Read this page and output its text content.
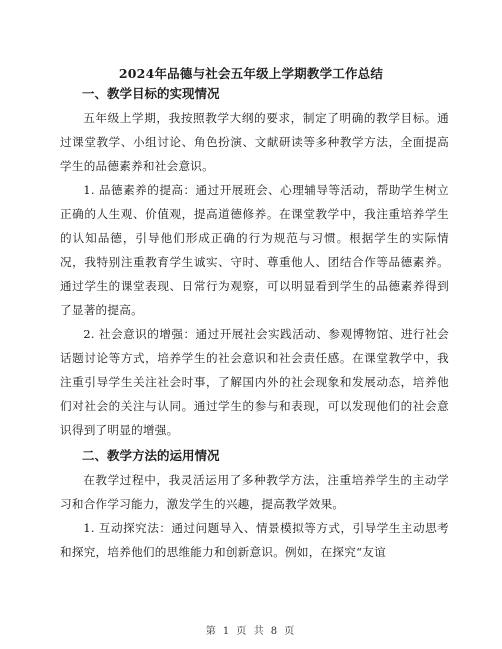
2024年品德与社会五年级上学期教学工作总结
一、教学目标的实现情况

五年级上学期，我按照教学大纲的要求，制定了明确的教学目标。通过课堂教学、小组讨论、角色扮演、文献研读等多种教学方法，全面提高学生的品德素养和社会意识。

1. 品德素养的提高：通过开展班会、心理辅导等活动，帮助学生树立正确的人生观、价值观，提高道德修养。在课堂教学中，我注重培养学生的认知品德，引导他们形成正确的行为规范与习惯。根据学生的实际情况，我特别注重教育学生诚实、守时、尊重他人、团结合作等品德素养。通过学生的课堂表现、日常行为观察，可以明显看到学生的品德素养得到了显著的提高。

2. 社会意识的增强：通过开展社会实践活动、参观博物馆、进行社会话题讨论等方式，培养学生的社会意识和社会责任感。在课堂教学中，我注重引导学生关注社会时事，了解国内外的社会现象和发展动态，培养他们对社会的关注与认同。通过学生的参与和表现，可以发现他们的社会意识得到了明显的增强。

二、教学方法的运用情况

在教学过程中，我灵活运用了多种教学方法，注重培养学生的主动学习和合作学习能力，激发学生的兴趣，提高教学效果。

1. 互动探究法：通过问题导入、情景模拟等方式，引导学生主动思考和探究，培养他们的思维能力和创新意识。例如，在探究“友谊

第 1 页 共 8 页
